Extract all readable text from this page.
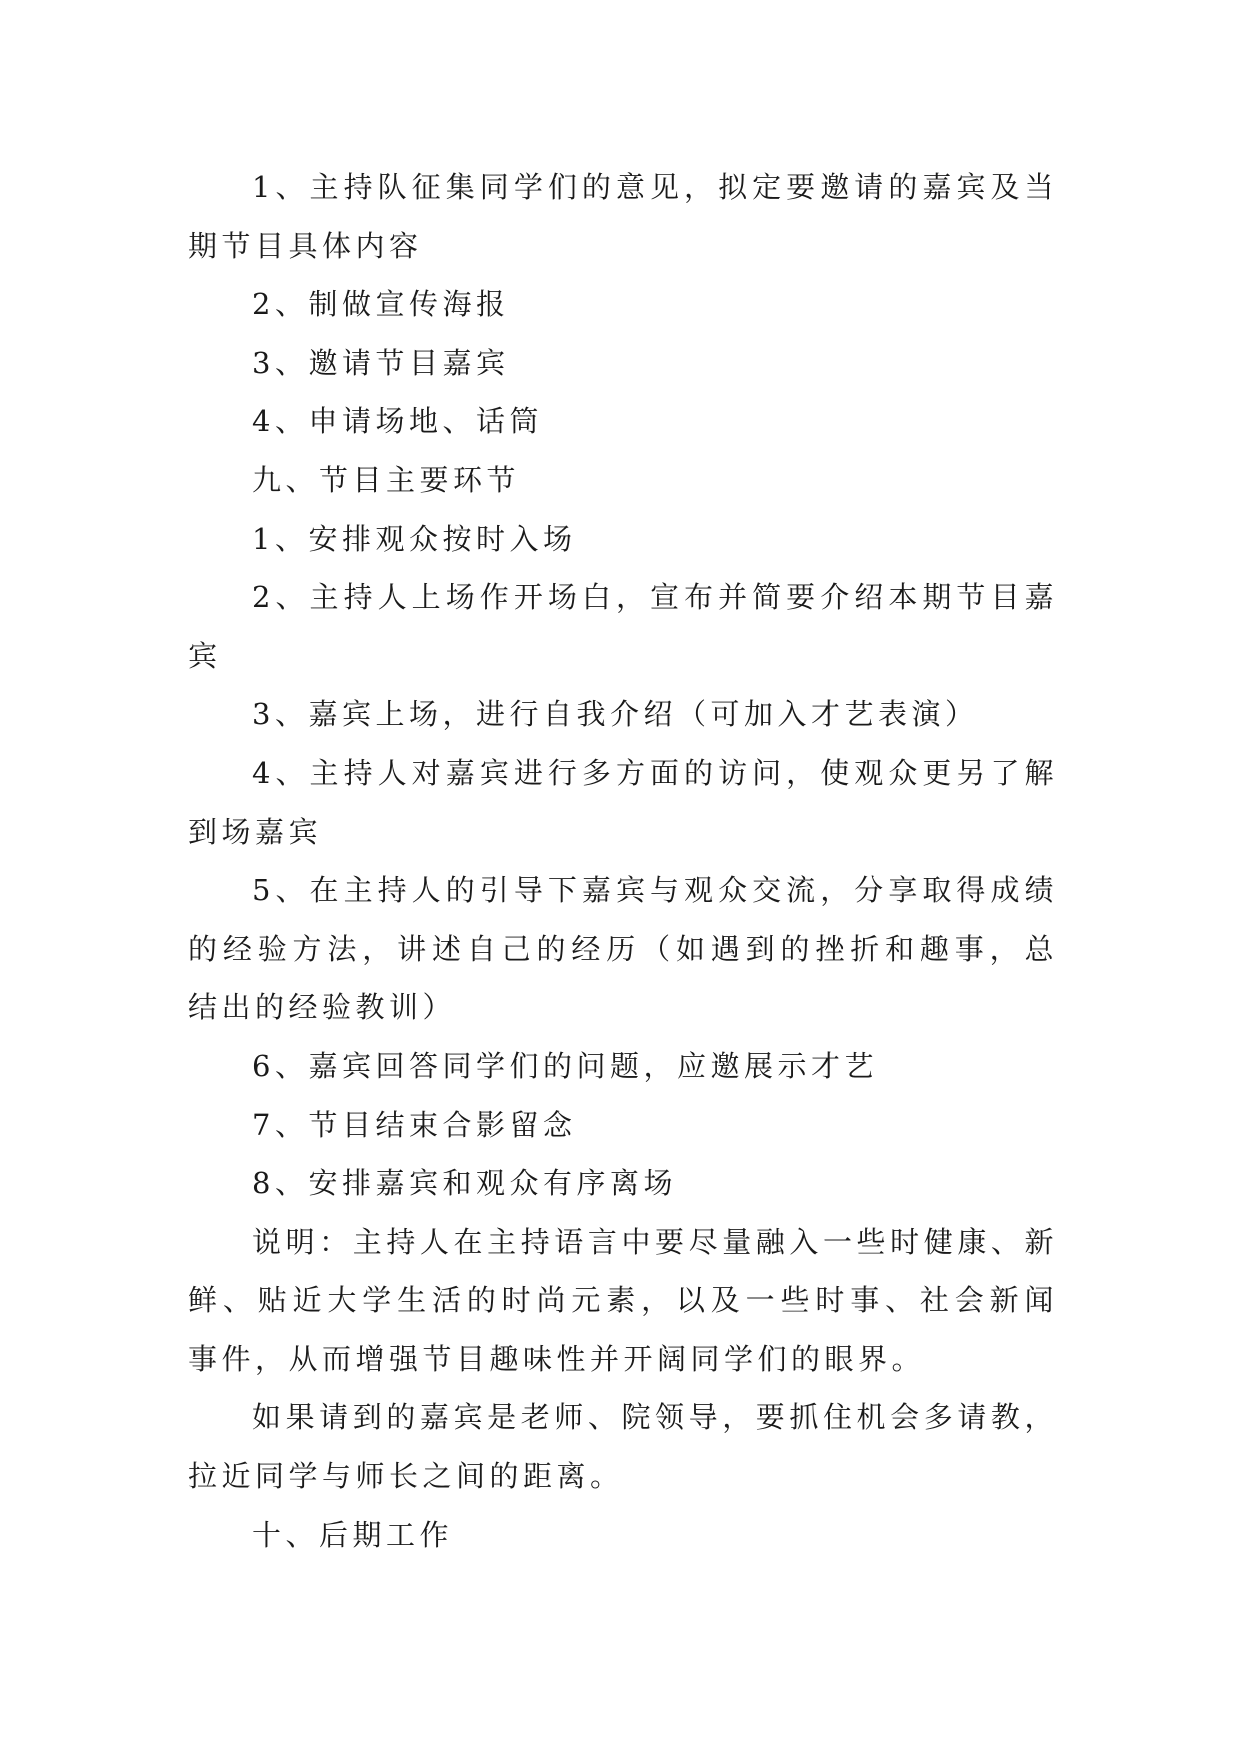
1、主持队征集同学们的意见，拟定要邀请的嘉宾及当期节目具体内容

2、制做宣传海报

3、邀请节目嘉宾

4、申请场地、话筒

九、节目主要环节

1、安排观众按时入场

2、主持人上场作开场白，宣布并简要介绍本期节目嘉宾

3、嘉宾上场，进行自我介绍（可加入才艺表演）

4、主持人对嘉宾进行多方面的访问，使观众更另了解到场嘉宾

5、在主持人的引导下嘉宾与观众交流，分享取得成绩的经验方法，讲述自己的经历（如遇到的挫折和趣事，总结出的经验教训）

6、嘉宾回答同学们的问题，应邀展示才艺

7、节目结束合影留念

8、安排嘉宾和观众有序离场

说明：主持人在主持语言中要尽量融入一些时健康、新鲜、贴近大学生活的时尚元素，以及一些时事、社会新闻事件，从而增强节目趣味性并开阔同学们的眼界。

如果请到的嘉宾是老师、院领导，要抓住机会多请教，拉近同学与师长之间的距离。

十、后期工作
